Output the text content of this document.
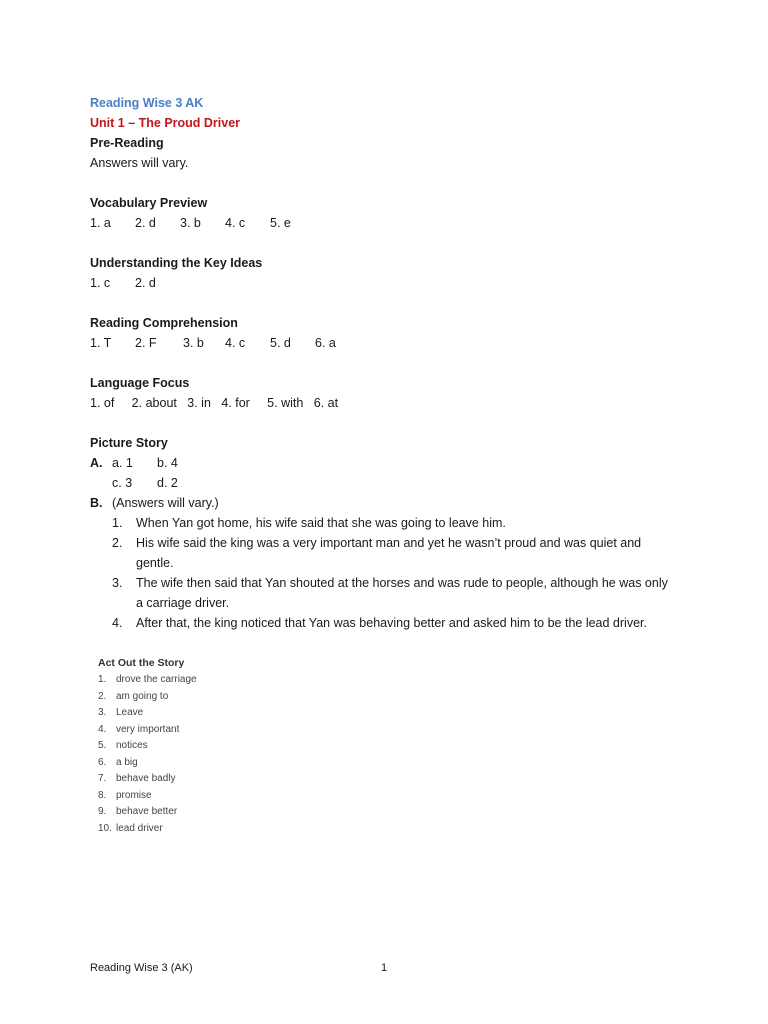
Reading Wise 3 AK
Unit 1 – The Proud Driver
Pre-Reading
Answers will vary.
Vocabulary Preview
1. a	2. d	3. b	4. c	5. e
Understanding the Key Ideas
1. c	2. d
Reading Comprehension
1. T	2. F	3. b	4. c	5. d	6. a
Language Focus
1. of     2. about   3. in   4. for     5. with   6. at
Picture Story
A. a. 1	b. 4
c. 3	d. 2
B. (Answers will vary.)
1.	When Yan got home, his wife said that she was going to leave him.
2.	His wife said the king was a very important man and yet he wasn’t proud and was quiet and gentle.
3.	The wife then said that Yan shouted at the horses and was rude to people, although he was only a carriage driver.
4.	After that, the king noticed that Yan was behaving better and asked him to be the lead driver.
Act Out the Story
1. drove the carriage
2. am going to
3. Leave
4. very important
5. notices
6. a big
7. behave badly
8. promise
9. behave better
10. lead driver
Reading Wise 3 (AK)	1
